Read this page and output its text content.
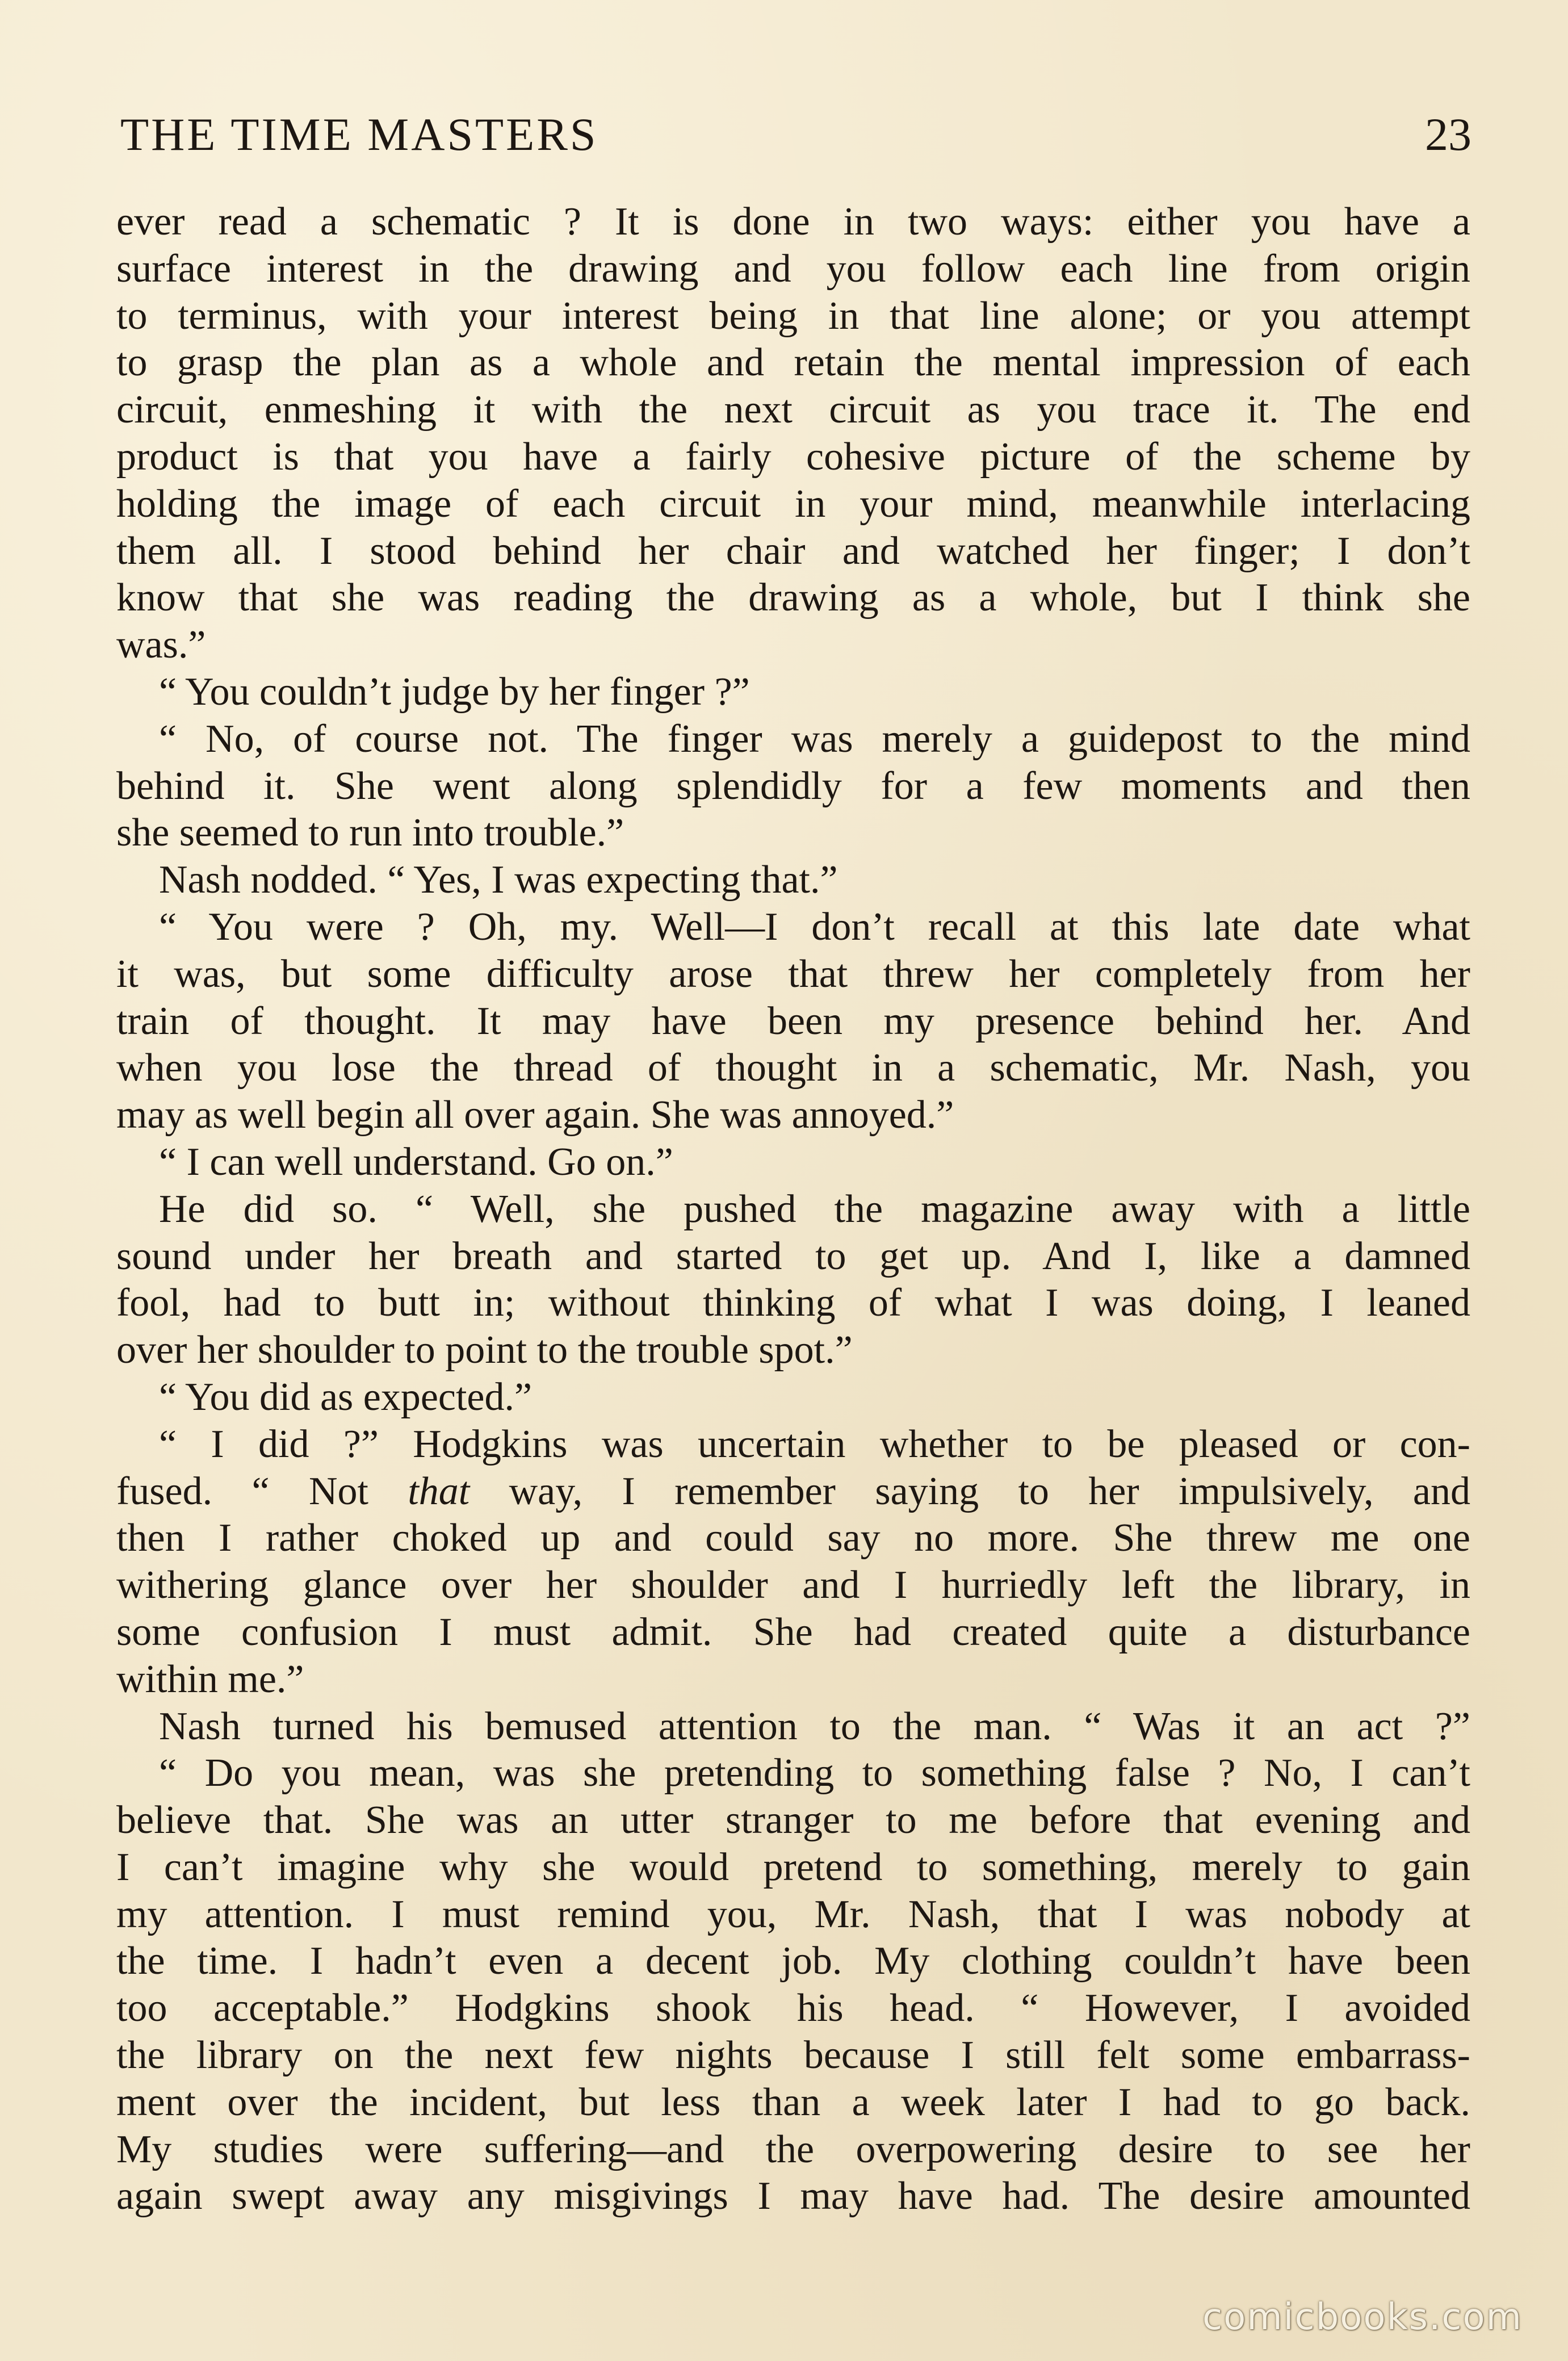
THE TIME MASTERS	23
ever read a schematic ? It is done in two ways: either you have a
surface interest in the drawing and you follow each line from origin
to terminus, with your interest being in that line alone; or you attempt
to grasp the plan as a whole and retain the mental impression of each
circuit, enmeshing it with the next circuit as you trace it. The end
product is that you have a fairly cohesive picture of the scheme by
holding the image of each circuit in your mind, meanwhile interlacing
them all. I stood behind her chair and watched her finger; I don’t
know that she was reading the drawing as a whole, but I think she
was.”
“ You couldn’t judge by her finger ?”
“ No, of course not. The finger was merely a guidepost to the mind
behind it. She went along splendidly for a few moments and then
she seemed to run into trouble.”
Nash nodded. “ Yes, I was expecting that.”
“ You were ? Oh, my. Well—I don’t recall at this late date what
it was, but some difficulty arose that threw her completely from her
train of thought. It may have been my presence behind her. And
when you lose the thread of thought in a schematic, Mr. Nash, you
may as well begin all over again. She was annoyed.”
“ I can well understand. Go on.”
He did so. “ Well, she pushed the magazine away with a little
sound under her breath and started to get up. And I, like a damned
fool, had to butt in; without thinking of what I was doing, I leaned
over her shoulder to point to the trouble spot.”
“ You did as expected.”
“ I did ?” Hodgkins was uncertain whether to be pleased or con-
fused. “ Not that way, I remember saying to her impulsively, and
then I rather choked up and could say no more. She threw me one
withering glance over her shoulder and I hurriedly left the library, in
some confusion I must admit. She had created quite a disturbance
within me.”
Nash turned his bemused attention to the man. “ Was it an act ?”
“ Do you mean, was she pretending to something false ? No, I can’t
believe that. She was an utter stranger to me before that evening and
I can’t imagine why she would pretend to something, merely to gain
my attention. I must remind you, Mr. Nash, that I was nobody at
the time. I hadn’t even a decent job. My clothing couldn’t have been
too acceptable.” Hodgkins shook his head. “ However, I avoided
the library on the next few nights because I still felt some embarrass-
ment over the incident, but less than a week later I had to go back.
My studies were suffering—and the overpowering desire to see her
again swept away any misgivings I may have had. The desire amounted
comicbooks.com
